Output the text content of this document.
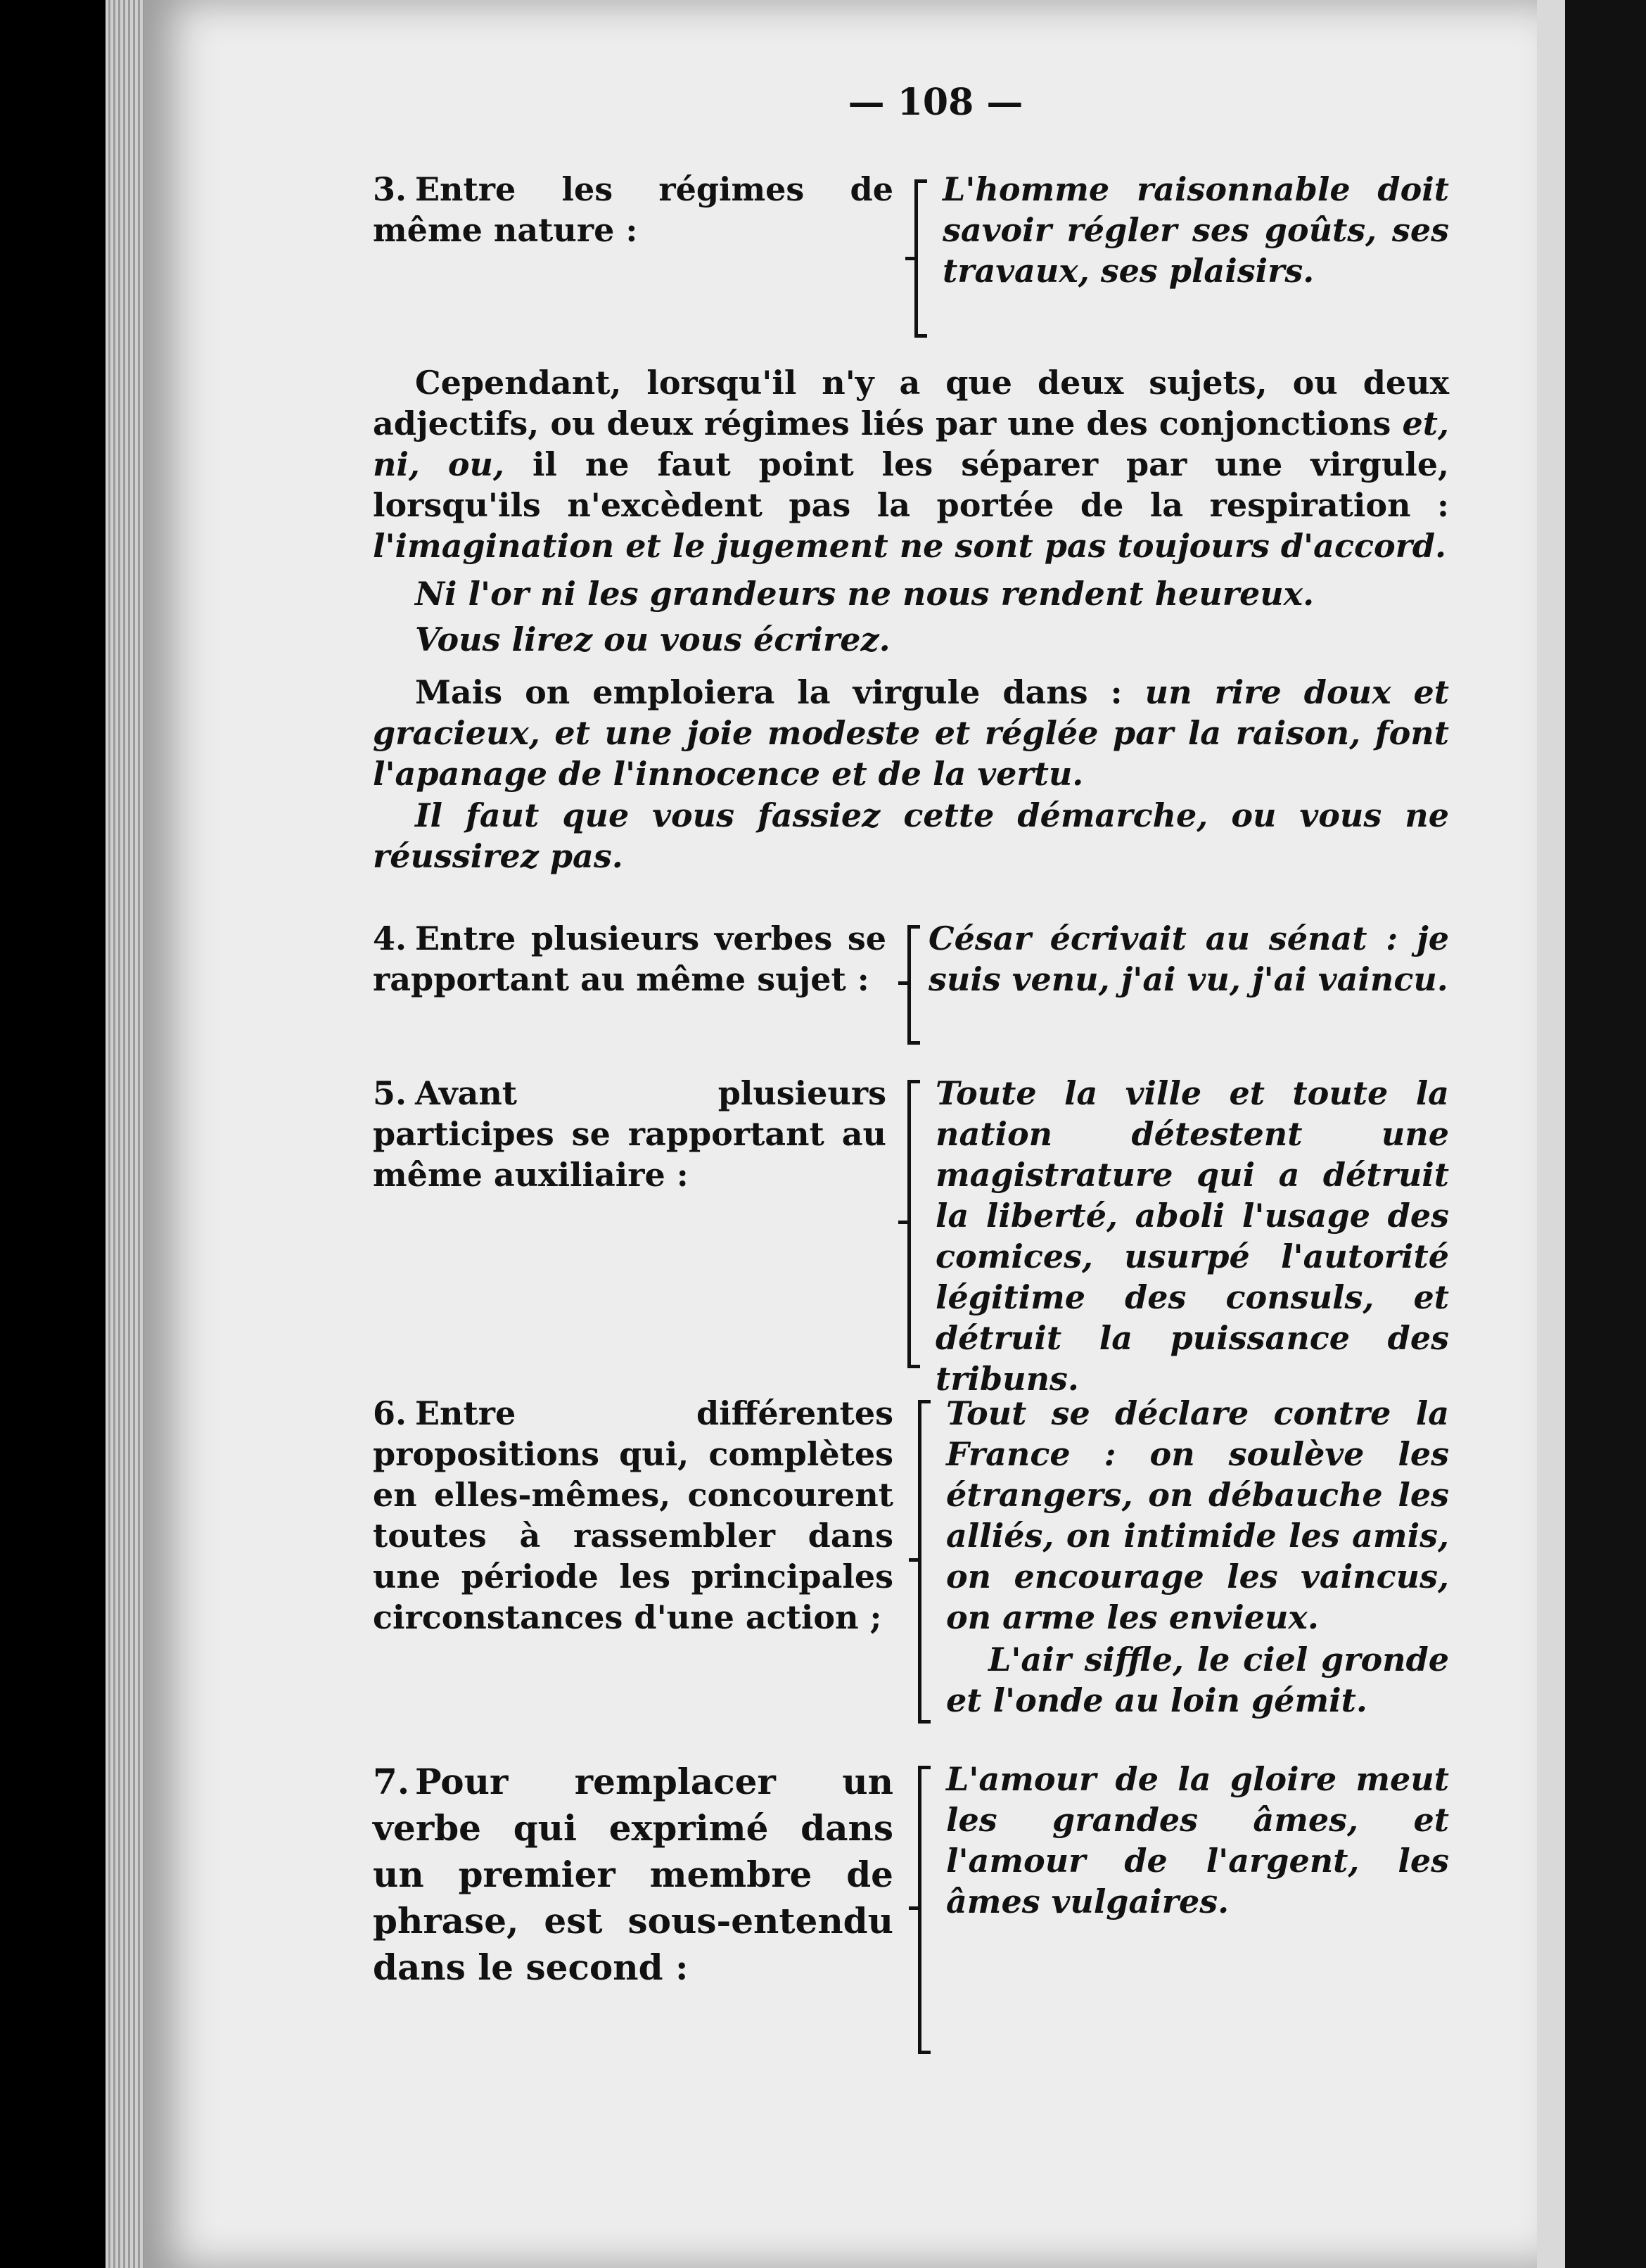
— 108 —
3. Entre les régimes de même nature :
L'homme raisonnable doit savoir régler ses goûts, ses travaux, ses plaisirs.
Cependant, lorsqu'il n'y a que deux sujets, ou deux adjectifs, ou deux régimes liés par une des conjonctions et, ni, ou, il ne faut point les séparer par une virgule, lorsqu'ils n'excèdent pas la portée de la respiration : l'imagination et le jugement ne sont pas toujours d'accord.
Ni l'or ni les grandeurs ne nous rendent heureux.
Vous lirez ou vous écrirez.
Mais on emploiera la virgule dans : un rire doux et gracieux, et une joie modeste et réglée par la raison, font l'apanage de l'innocence et de la vertu.
Il faut que vous fassiez cette démarche, ou vous ne réussirez pas.
4. Entre plusieurs verbes se rapportant au même sujet :
César écrivait au sénat : je suis venu, j'ai vu, j'ai vaincu.
5. Avant plusieurs participes se rapportant au même auxiliaire :
Toute la ville et toute la nation détestent une magistrature qui a détruit la liberté, aboli l'usage des comices, usurpé l'autorité légitime des consuls, et détruit la puissance des tribuns.
6. Entre différentes propositions qui, complètes en elles-mêmes, concourent toutes à rassembler dans une période les principales circonstances d'une action ;
Tout se déclare contre la France : on soulève les étrangers, on débauche les alliés, on intimide les amis, on encourage les vaincus, on arme les envieux.
L'air siffle, le ciel gronde et l'onde au loin gémit.
7. Pour remplacer un verbe qui exprimé dans un premier membre de phrase, est sous-entendu dans le second :
L'amour de la gloire meut les grandes âmes, et l'amour de l'argent, les âmes vulgaires.
